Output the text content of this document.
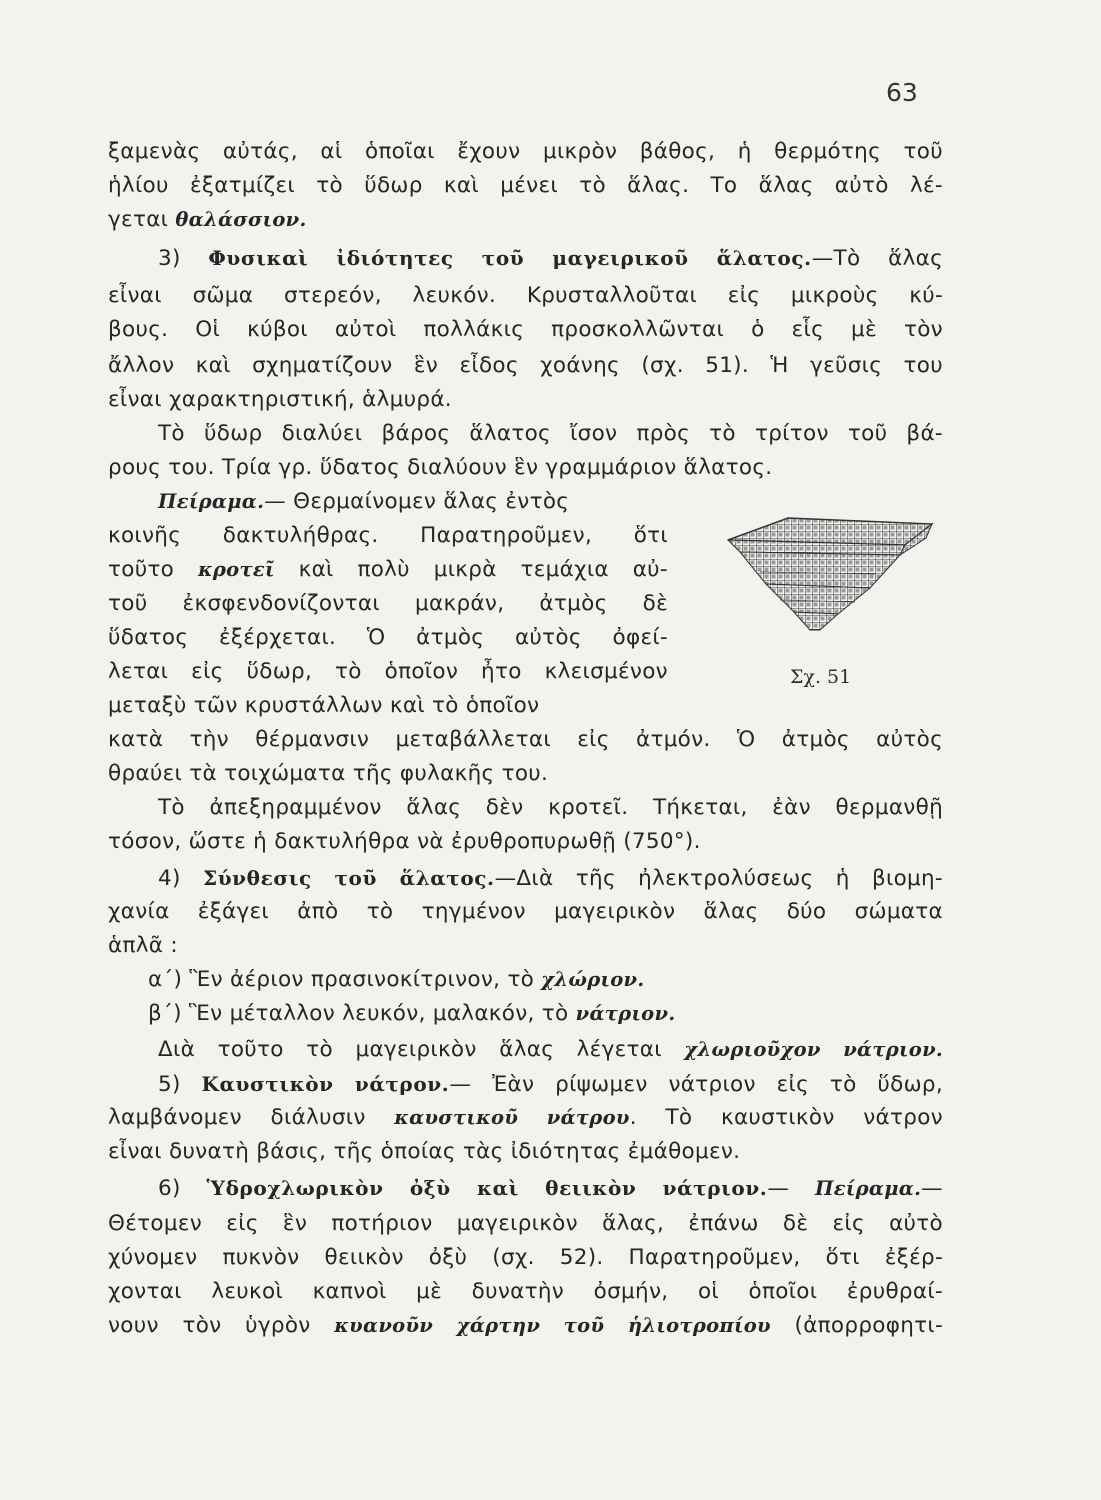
63
ξαμενὰς αὐτάς, αἱ ὁποῖαι ἔχουν μικρὸν βάθος, ἡ θερμότης τοῦ
ἡλίου ἐξατμίζει τὸ ὕδωρ καὶ μένει τὸ ἅλας. Το ἅλας αὐτὸ λέ-
γεται θαλάσσιον.
3) Φυσικαὶ ἰδιότητες τοῦ μαγειρικοῦ ἅλατος.—Τὸ ἅλας
εἶναι σῶμα στερεόν, λευκόν. Κρυσταλλοῦται εἰς μικροὺς κύ-
βους. Οἱ κύβοι αὐτοὶ πολλάκις προσκολλῶνται ὁ εἷς μὲ τὸν
ἄλλον καὶ σχηματίζουν ἓν εἶδος χοάνης (σχ. 51). Ἡ γεῦσις του
εἶναι χαρακτηριστική, ἁλμυρά.
Τὸ ὕδωρ διαλύει βάρος ἅλατος ἴσον πρὸς τὸ τρίτον τοῦ βά-
ρους του. Τρία γρ. ὕδατος διαλύουν ἓν γραμμάριον ἅλατος.
Πείραμα.— Θερμαίνομεν ἅλας ἐντὸς
κοινῆς δακτυλήθρας. Παρατηροῦμεν, ὅτι
τοῦτο κροτεῖ καὶ πολὺ μικρὰ τεμάχια αὐ-
τοῦ ἐκσφενδονίζονται μακράν, ἀτμὸς δὲ
ὕδατος ἐξέρχεται. Ὁ ἀτμὸς αὐτὸς ὀφεί-
λεται εἰς ὕδωρ, τὸ ὁποῖον ἦτο κλεισμένον
μεταξὺ τῶν κρυστάλλων καὶ τὸ ὁποῖον
Σχ. 51
κατὰ τὴν θέρμανσιν μεταβάλλεται εἰς ἀτμόν. Ὁ ἀτμὸς αὐτὸς
θραύει τὰ τοιχώματα τῆς φυλακῆς του.
Τὸ ἀπεξηραμμένον ἅλας δὲν κροτεῖ. Τήκεται, ἐὰν θερμανθῇ
τόσον, ὥστε ἡ δακτυλήθρα νὰ ἐρυθροπυρωθῇ (750°).
4) Σύνθεσις τοῦ ἅλατος.—Διὰ τῆς ἠλεκτρολύσεως ἡ βιομη-
χανία ἐξάγει ἀπὸ τὸ τηγμένον μαγειρικὸν ἅλας δύο σώματα
ἁπλᾶ :
α΄) Ἓν ἀέριον πρασινοκίτρινον, τὸ χλώριον.
β΄) Ἓν μέταλλον λευκόν, μαλακόν, τὸ νάτριον.
Διὰ τοῦτο τὸ μαγειρικὸν ἅλας λέγεται χλωριοῦχον νάτριον.
5) Καυστικὸν νάτρον.— Ἐὰν ρίψωμεν νάτριον εἰς τὸ ὕδωρ,
λαμβάνομεν διάλυσιν καυστικοῦ νάτρου. Τὸ καυστικὸν νάτρον
εἶναι δυνατὴ βάσις, τῆς ὁποίας τὰς ἰδιότητας ἐμάθομεν.
6) Ὑδροχλωρικὸν ὀξὺ καὶ θειικὸν νάτριον.— Πείραμα.—
Θέτομεν εἰς ἓν ποτήριον μαγειρικὸν ἅλας, ἐπάνω δὲ εἰς αὐτὸ
χύνομεν πυκνὸν θειικὸν ὀξὺ (σχ. 52). Παρατηροῦμεν, ὅτι ἐξέρ-
χονται λευκοὶ καπνοὶ μὲ δυνατὴν ὀσμήν, οἱ ὁποῖοι ἐρυθραί-
νουν τὸν ὑγρὸν κυανοῦν χάρτην τοῦ ἡλιοτροπίου (ἀπορροφητι-
